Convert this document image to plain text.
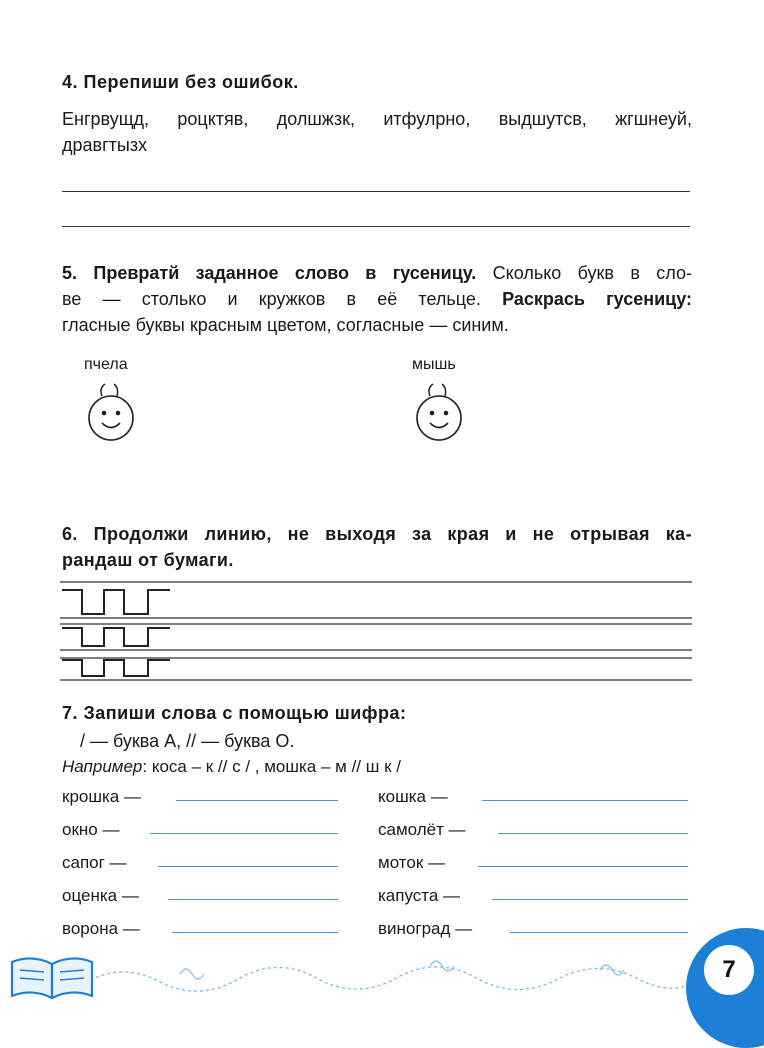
4. Перепиши без ошибок.

Енгрвущд, роцктяв, долшжзк, итфулрно, выдшутсв, жгшнеуй,

дравгтызх

5. Превратй заданное слово в гусеницу. Сколько букв в сло-

ве — столько и кружков в её тельце. Раскрась гусеницу:

гласные буквы красным цветом, согласные — синим.

пчела	мышь

6. Продолжи линию, не выходя за края и не отрывая ка-

рандаш от бумаги.

7. Запиши слова с помощью шифра:

/ — буква А, // — буква О.

Например: коса – к // с / , мошка – м // ш к /

крошка —
окно —
сапог —
оценка —
ворона —
кошка —
самолёт —
моток —
капуста —
виноград —
7
